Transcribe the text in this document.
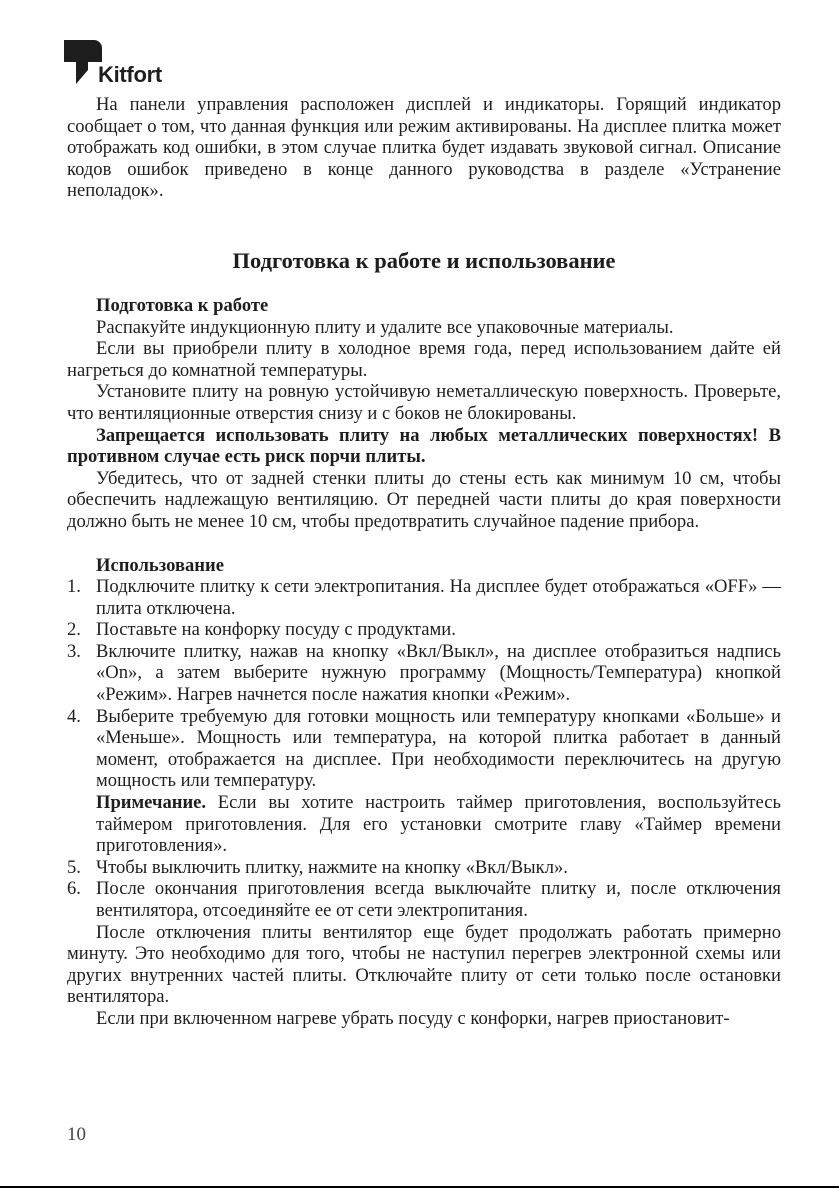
Kitfort

На панели управления расположен дисплей и индикаторы. Горящий индикатор сообщает о том, что данная функция или режим активированы. На дисплее плитка может отображать код ошибки, в этом случае плитка будет издавать звуковой сигнал. Описание кодов ошибок приведено в конце данного руководства в разделе «Устранение неполадок».

Подготовка к работе и использование

Подготовка к работе

Распакуйте индукционную плиту и удалите все упаковочные материалы.

Если вы приобрели плиту в холодное время года, перед использованием дайте ей нагреться до комнатной температуры.

Установите плиту на ровную устойчивую неметаллическую поверхность. Проверьте, что вентиляционные отверстия снизу и с боков не блокированы.

Запрещается использовать плиту на любых металлических поверхностях! В противном случае есть риск порчи плиты.

Убедитесь, что от задней стенки плиты до стены есть как минимум 10 см, чтобы обеспечить надлежащую вентиляцию. От передней части плиты до края поверхности должно быть не менее 10 см, чтобы предотвратить случайное падение прибора.

Использование

1. Подключите плитку к сети электропитания. На дисплее будет отображаться «OFF» — плита отключена.
2. Поставьте на конфорку посуду с продуктами.
3. Включите плитку, нажав на кнопку «Вкл/Выкл», на дисплее отобразиться надпись «On», а затем выберите нужную программу (Мощность/Температура) кнопкой «Режим». Нагрев начнется после нажатия кнопки «Режим».
4. Выберите требуемую для готовки мощность или температуру кнопками «Больше» и «Меньше». Мощность или температура, на которой плитка работает в данный момент, отображается на дисплее. При необходимости переключитесь на другую мощность или температуру.
Примечание. Если вы хотите настроить таймер приготовления, воспользуйтесь таймером приготовления. Для его установки смотрите главу «Таймер времени приготовления».
5. Чтобы выключить плитку, нажмите на кнопку «Вкл/Выкл».
6. После окончания приготовления всегда выключайте плитку и, после отключения вентилятора, отсоединяйте ее от сети электропитания.

После отключения плиты вентилятор еще будет продолжать работать примерно минуту. Это необходимо для того, чтобы не наступил перегрев электронной схемы или других внутренних частей плиты. Отключайте плиту от сети только после остановки вентилятора.

Если при включенном нагреве убрать посуду с конфорки, нагрев приостановит-

10
